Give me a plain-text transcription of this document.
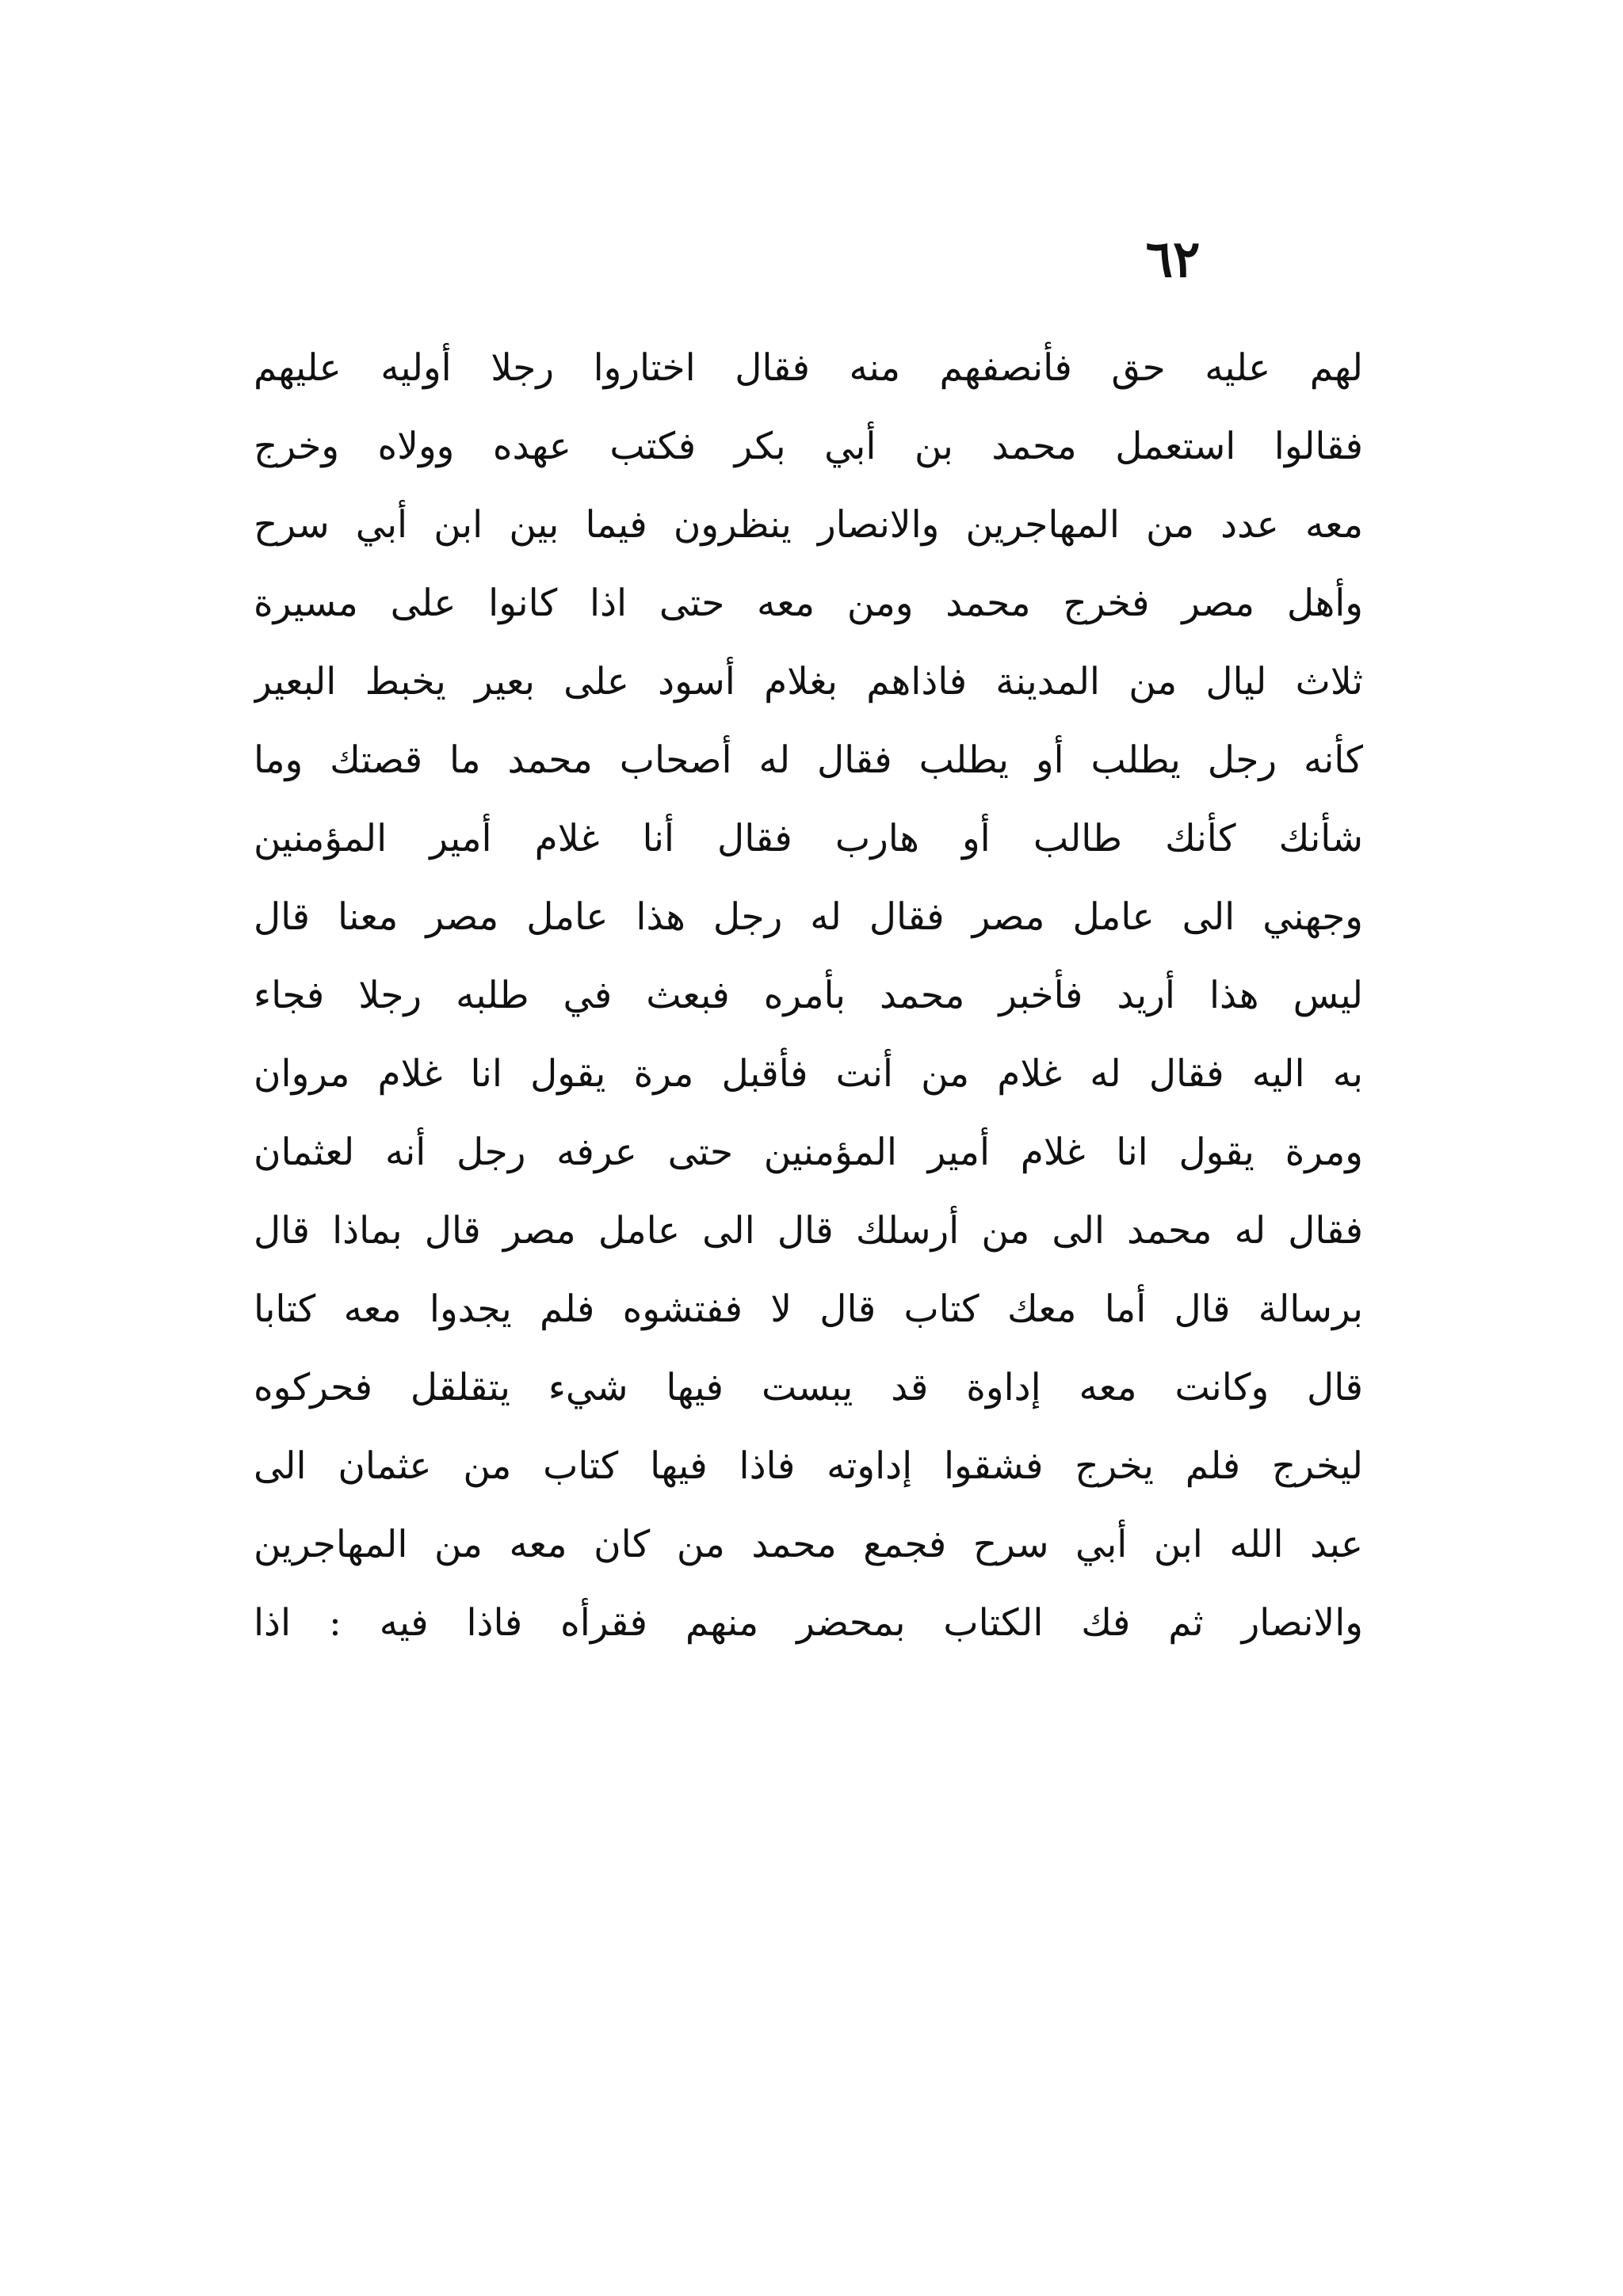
٦٢
لهم عليه حق فأنصفهم منه فقال اختاروا رجلا أوليه عليهم
فقالوا استعمل محمد بن أبي بكر فكتب عهده وولاه وخرج
معه عدد من المهاجرين والانصار ينظرون فيما بين ابن أبي سرح
وأهل مصر فخرج محمد ومن معه حتى اذا كانوا على مسيرة
ثلاث ليال من المدينة فاذاهم بغلام أسود على بعير يخبط البعير
كأنه رجل يطلب أو يطلب فقال له أصحاب محمد ما قصتك وما
شأنك كأنك طالب أو هارب فقال أنا غلام أمير المؤمنين
وجهني الى عامل مصر فقال له رجل هذا عامل مصر معنا قال
ليس هذا أريد فأخبر محمد بأمره فبعث في طلبه رجلا فجاء
به اليه فقال له غلام من أنت فأقبل مرة يقول انا غلام مروان
ومرة يقول انا غلام أمير المؤمنين حتى عرفه رجل أنه لعثمان
فقال له محمد الى من أرسلك قال الى عامل مصر قال بماذا قال
برسالة قال أما معك كتاب قال لا ففتشوه فلم يجدوا معه كتابا
قال وكانت معه إداوة قد يبست فيها شيء يتقلقل فحركوه
ليخرج فلم يخرج فشقوا إداوته فاذا فيها كتاب من عثمان الى
عبد الله ابن أبي سرح فجمع محمد من كان معه من المهاجرين
والانصار ثم فك الكتاب بمحضر منهم فقرأه فاذا فيه : اذا
